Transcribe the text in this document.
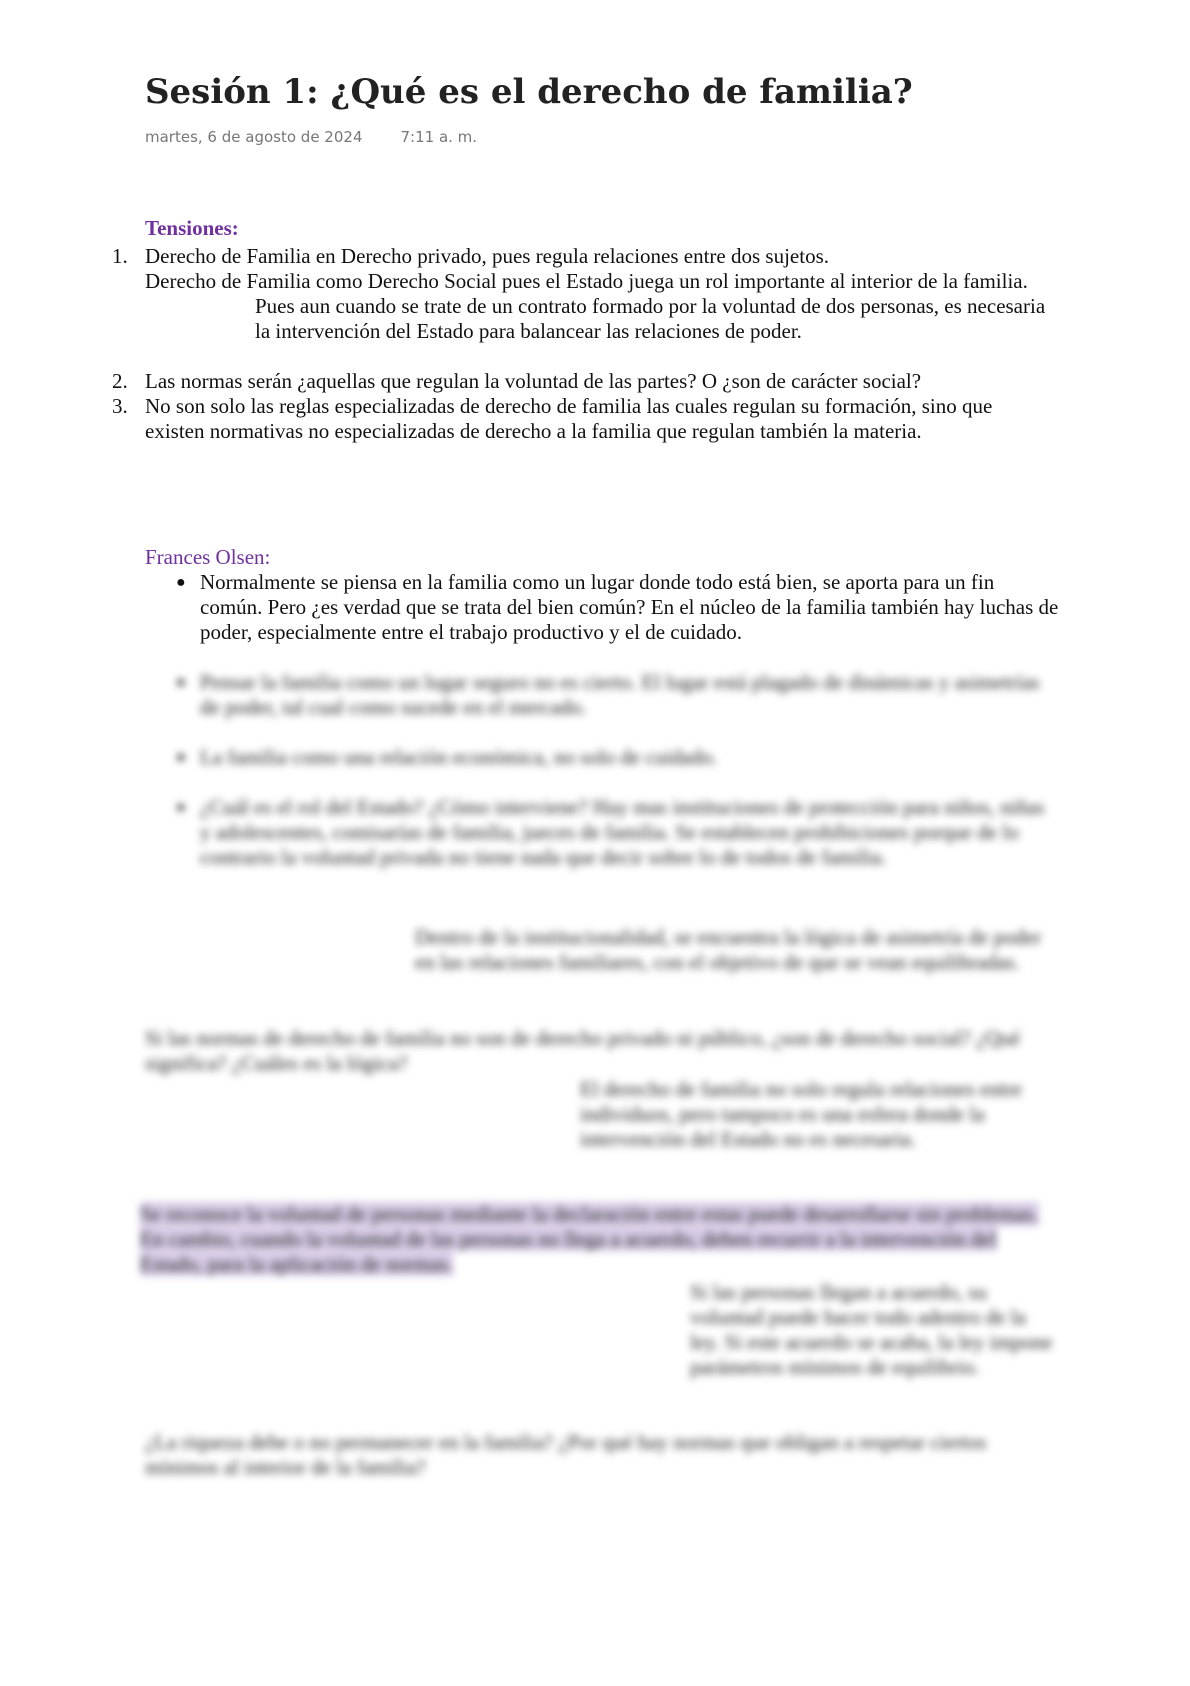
Sesión 1: ¿Qué es el derecho de familia?
martes, 6 de agosto de 2024	7:11 a. m.
Tensiones:
1. Derecho de Familia en Derecho privado, pues regula relaciones entre dos sujetos.
Derecho de Familia como Derecho Social pues el Estado juega un rol importante al interior de la familia.
Pues aun cuando se trate de un contrato formado por la voluntad de dos personas, es necesaria la intervención del Estado para balancear las relaciones de poder.
2. Las normas serán ¿aquellas que regulan la voluntad de las partes? O ¿son de carácter social?
3. No son solo las reglas especializadas de derecho de familia las cuales regulan su formación, sino que existen normativas no especializadas de derecho a la familia que regulan también la materia.
Frances Olsen:
● Normalmente se piensa en la familia como un lugar donde todo está bien, se aporta para un fin común. Pero ¿es verdad que se trata del bien común? En el núcleo de la familia también hay luchas de poder, especialmente entre el trabajo productivo y el de cuidado.
● Pensar la familia como un lugar seguro no es cierto. El lugar está plagado de dinámicas y asimetrías de poder, tal cual como sucede en el mercado.
● La familia como una relación económica, no solo de cuidado.
● ¿Cuál es el rol del Estado? ¿Cómo interviene? Hay mas instituciones de protección para niños, niñas y adolescentes, comisarías de familia, jueces de familia. Se establecen prohibiciones porque de lo contrario la voluntad privada no tiene nada que decir sobre lo de todos de familia.
Dentro de la institucionalidad, se encuentra la lógica de asimetría de poder en las relaciones familiares, con el objetivo de que se vean equilibradas.
Si las normas de derecho de familia no son de derecho privado ni público, ¿son de derecho social? ¿Qué significa? ¿Cuáles es la lógica?
El derecho de familia no solo regula relaciones entre individuos, pero tampoco es una esfera donde la intervención del Estado no es necesaria.
Se reconoce la voluntad de personas mediante la declaración entre estas puede desarrollarse sin problemas. En cambio, cuando la voluntad de las personas no llega a acuerdo, deben recurrir a la intervención del Estado, para la aplicación de normas.
Si las personas llegan a acuerdo, su voluntad puede hacer todo adentro de la ley. Si este acuerdo se acaba, la ley impone parámetros mínimos de equilibrio.
¿La riqueza debe o no permanecer en la familia? ¿Por qué hay normas que obligan a respetar ciertos mínimos al interior de la familia?
